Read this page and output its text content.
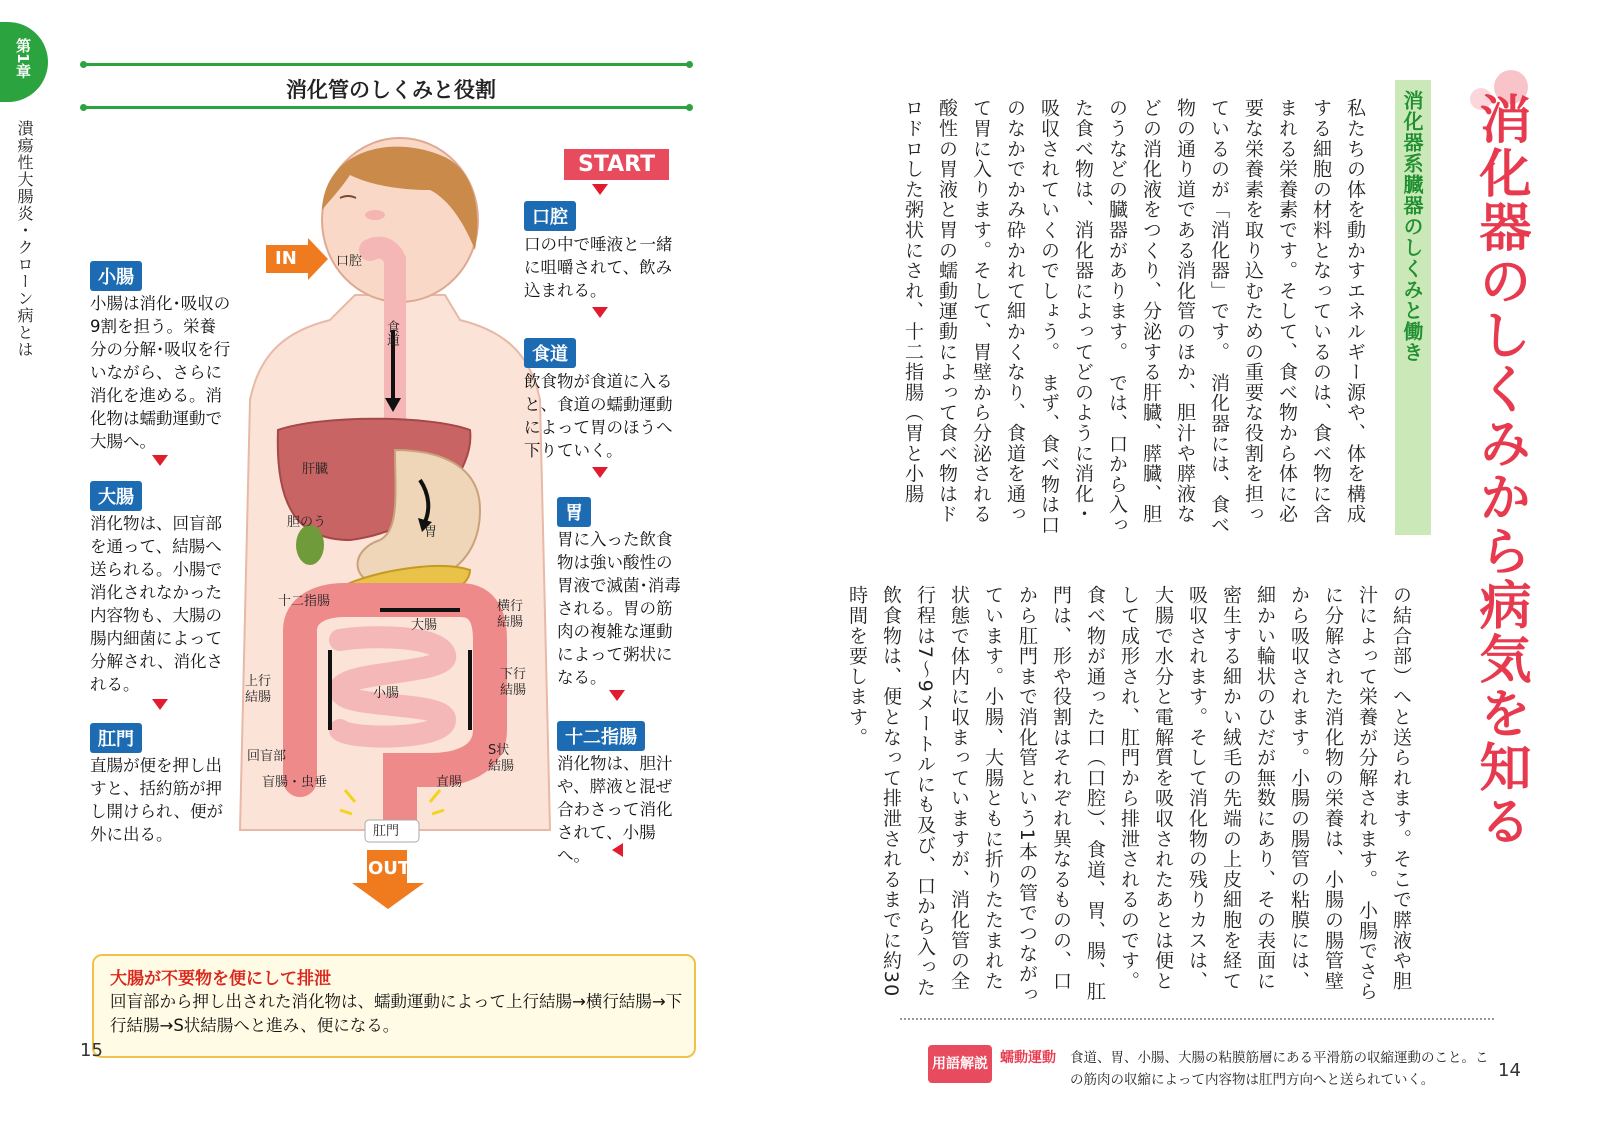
第1章
潰瘍性大腸炎・クローン病とは
消化管のしくみと役割
IN
OUT
口腔
食道
肝臓
胃
胆のう
十二指腸	横行
結腸
大腸
上行
結腸
下行
結腸
小腸
回盲部	S状
結腸
盲腸・虫垂	直腸
肛門
START
小腸
小腸は消化･吸収の9割を担う。栄養分の分解･吸収を行いながら、さらに消化を進める。消化物は蠕動運動で大腸へ。
大腸
消化物は、回盲部を通って、結腸へ送られる。小腸で消化されなかった内容物も、大腸の腸内細菌によって分解され、消化される。
肛門
直腸が便を押し出すと、括約筋が押し開けられ、便が外に出る。
口腔
口の中で唾液と一緒に咀嚼されて、飲み込まれる。
食道
飲食物が食道に入ると、食道の蠕動運動によって胃のほうへ下りていく。
胃
胃に入った飲食物は強い酸性の胃液で滅菌･消毒される。胃の筋肉の複雑な運動によって粥状になる。
十二指腸
消化物は、胆汁や、膵液と混ぜ合わさって消化されて、小腸へ。
大腸が不要物を便にして排泄
回盲部から押し出された消化物は、蠕動運動によって上行結腸→横行結腸→下行結腸→S状結腸へと進み、便になる。
15
消化器のしくみから病気を知る
消化器系臓器のしくみと働き
私たちの体を動かすエネルギー源や、体を構成する細胞の材料となっているのは、食べ物に含まれる栄養素です。そして、食べ物から体に必要な栄養素を取り込むための重要な役割を担っているのが「消化器」です。　消化器には、食べ物の通り道である消化管のほか、胆汁や膵液などの消化液をつくり、分泌する肝臓、膵臓、胆のうなどの臓器があります。　では、口から入った食べ物は、消化器によってどのように消化・吸収されていくのでしょう。　まず、食べ物は口のなかでかみ砕かれて細かくなり、食道を通って胃に入ります。そして、胃壁から分泌される酸性の胃液と胃の蠕動運動によって食べ物はドロドロした粥状にされ、十二指腸（胃と小腸
の結合部）へと送られます。そこで膵液や胆汁によって栄養が分解されます。　小腸でさらに分解された消化物の栄養は、小腸の腸管壁から吸収されます。小腸の腸管の粘膜には、細かい輪状のひだが無数にあり、その表面に密生する細かい絨毛の先端の上皮細胞を経て吸収されます。そして消化物の残りカスは、大腸で水分と電解質を吸収されたあとは便として成形され、肛門から排泄されるのです。　食べ物が通った口（口腔）、食道、胃、腸、肛門は、形や役割はそれぞれ異なるものの、口から肛門まで消化管という1本の管でつながっています。小腸、大腸ともに折りたたまれた状態で体内に収まっていますが、消化管の全行程は7～9メートルにも及び、口から入った飲食物は、便となって排泄されるまでに約30時間を要します。
用語解説 蠕動運動 食道、胃、小腸、大腸の粘膜筋層にある平滑筋の収縮運動のこと。この筋肉の収縮によって内容物は肛門方向へと送られていく。	14
